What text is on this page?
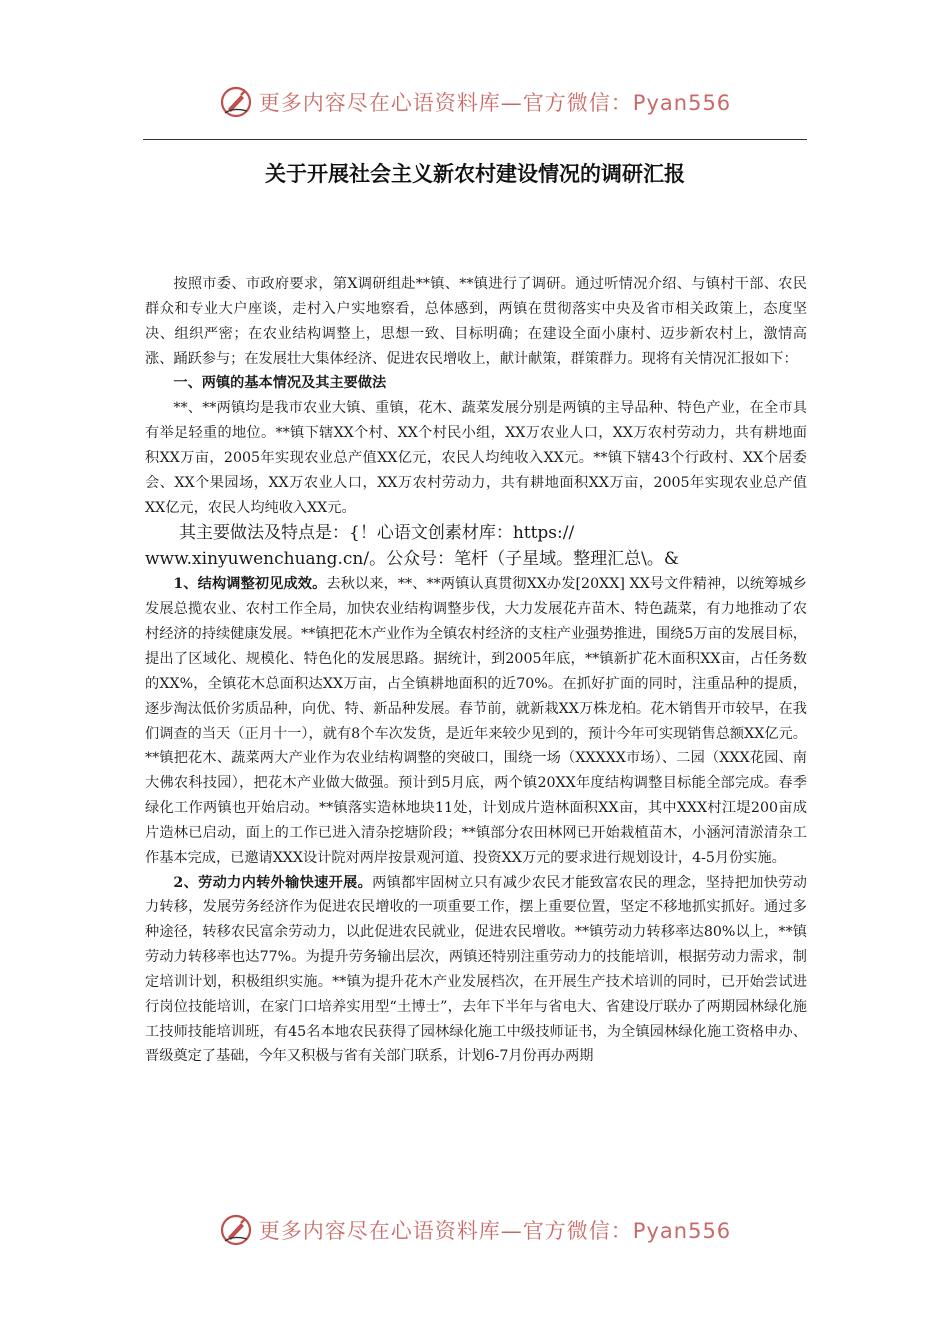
更多内容尽在心语资料库—官方微信：Pyan556
关于开展社会主义新农村建设情况的调研汇报

按照市委、市政府要求，第X调研组赴**镇、**镇进行了调研。通过听情况介绍、与镇村干部、农民群众和专业大户座谈，走村入户实地察看，总体感到，两镇在贯彻落实中央及省市相关政策上，态度坚决、组织严密；在农业结构调整上，思想一致、目标明确；在建设全面小康村、迈步新农村上，激情高涨、踊跃参与；在发展壮大集体经济、促进农民增收上，献计献策，群策群力。现将有关情况汇报如下：

一、两镇的基本情况及其主要做法

**、**两镇均是我市农业大镇、重镇，花木、蔬菜发展分别是两镇的主导品种、特色产业，在全市具有举足轻重的地位。**镇下辖XX个村、XX个村民小组，XX万农业人口，XX万农村劳动力，共有耕地面积XX万亩，2005年实现农业总产值XX亿元，农民人均纯收入XX元。**镇下辖43个行政村、XX个居委会、XX个果园场，XX万农业人口，XX万农村劳动力，共有耕地面积XX万亩，2005年实现农业总产值XX亿元，农民人均纯收入XX元。

其主要做法及特点是：{！心语文创素材库：https://

www.xinyuwenchuang.cn/。公众号：笔杆（子星域。整理汇总\。&

1、结构调整初见成效。去秋以来，**、**两镇认真贯彻XX办发[20XX] XX号文件精神，以统筹城乡发展总揽农业、农村工作全局，加快农业结构调整步伐，大力发展花卉苗木、特色蔬菜，有力地推动了农村经济的持续健康发展。**镇把花木产业作为全镇农村经济的支柱产业强势推进，围绕5万亩的发展目标，提出了区域化、规模化、特色化的发展思路。据统计，到2005年底，**镇新扩花木面积XX亩，占任务数的XX%，全镇花木总面积达XX万亩，占全镇耕地面积的近70%。在抓好扩面的同时，注重品种的提质，逐步淘汰低价劣质品种，向优、特、新品种发展。春节前，就新栽XX万株龙柏。花木销售开市较早，在我们调查的当天（正月十一），就有8个车次发货，是近年来较少见到的，预计今年可实现销售总额XX亿元。**镇把花木、蔬菜两大产业作为农业结构调整的突破口，围绕一场（XXXXX市场）、二园（XXX花园、南大佛农科技园），把花木产业做大做强。预计到5月底，两个镇20XX年度结构调整目标能全部完成。春季绿化工作两镇也开始启动。**镇落实造林地块11处，计划成片造林面积XX亩，其中XXX村江堤200亩成片造林已启动，面上的工作已进入清杂挖塘阶段；**镇部分农田林网已开始栽植苗木，小涵河清淤清杂工作基本完成，已邀请XXX设计院对两岸按景观河道、投资XX万元的要求进行规划设计，4-5月份实施。

2、劳动力内转外输快速开展。两镇都牢固树立只有减少农民才能致富农民的理念，坚持把加快劳动力转移，发展劳务经济作为促进农民增收的一项重要工作，摆上重要位置，坚定不移地抓实抓好。通过多种途径，转移农民富余劳动力，以此促进农民就业，促进农民增收。**镇劳动力转移率达80%以上，**镇劳动力转移率也达77%。为提升劳务输出层次，两镇还特别注重劳动力的技能培训，根据劳动力需求，制定培训计划，积极组织实施。**镇为提升花木产业发展档次，在开展生产技术培训的同时，已开始尝试进行岗位技能培训，在家门口培养实用型“土博士”，去年下半年与省电大、省建设厅联办了两期园林绿化施工技师技能培训班，有45名本地农民获得了园林绿化施工中级技师证书，为全镇园林绿化施工资格申办、晋级奠定了基础，今年又积极与省有关部门联系，计划6-7月份再办两期

更多内容尽在心语资料库—官方微信：Pyan556
